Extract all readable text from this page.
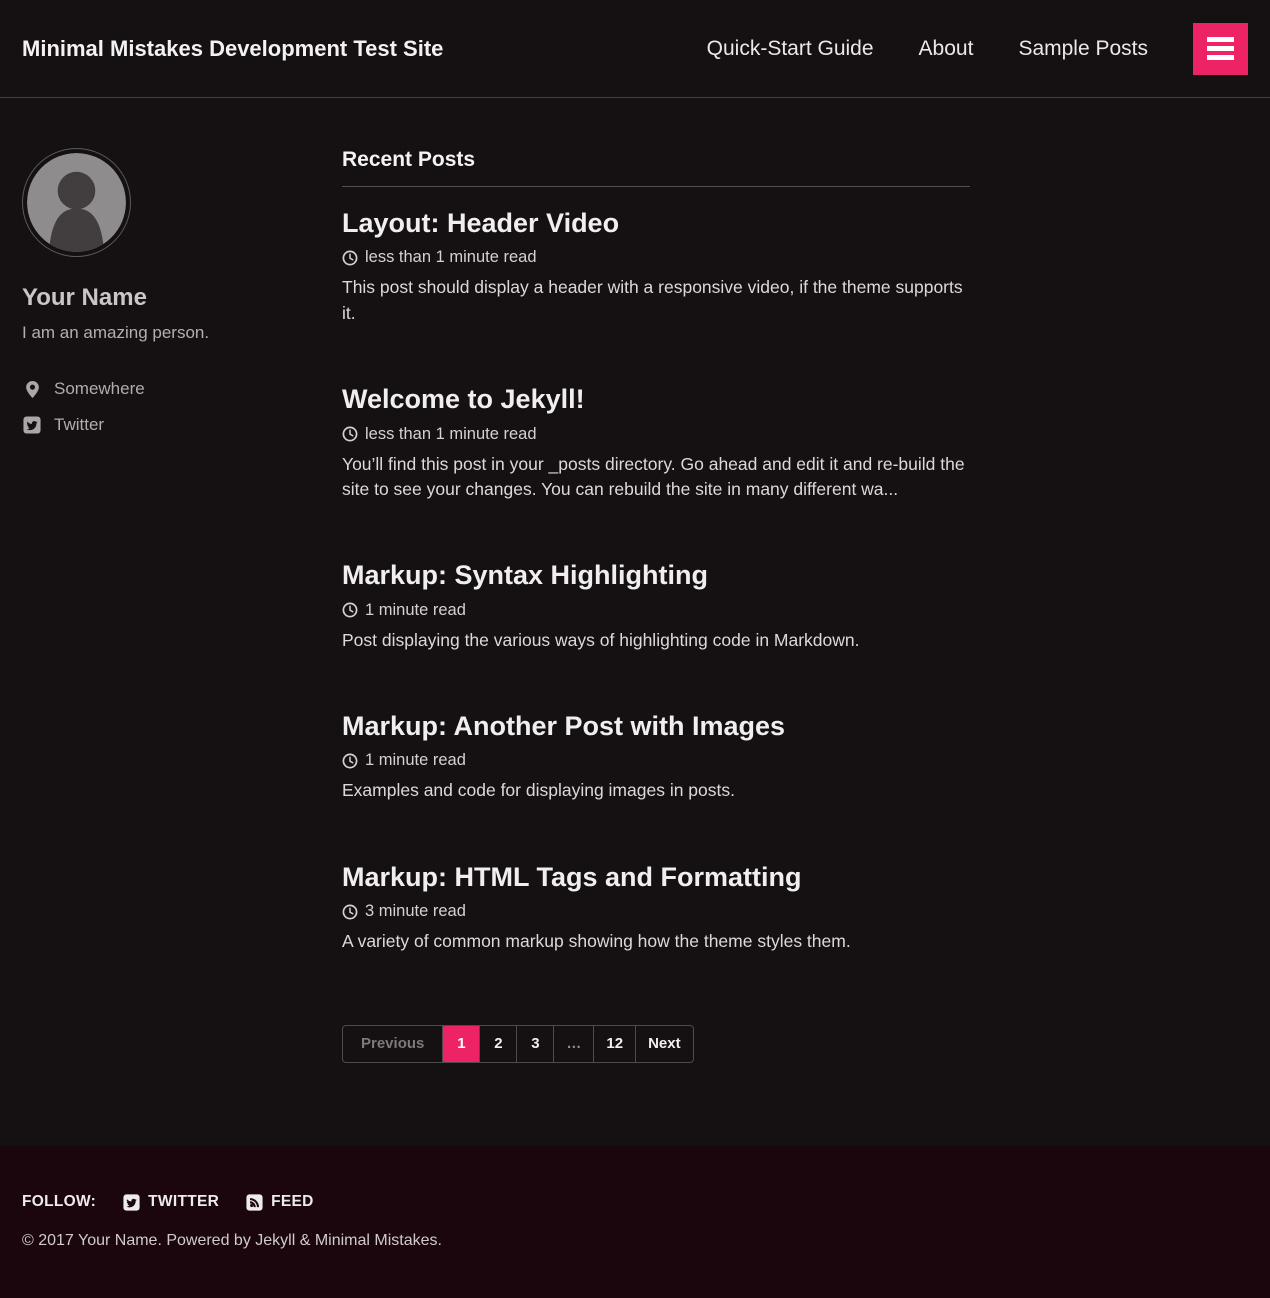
Minimal Mistakes Development Test Site	Quick-Start Guide About Sample Posts
Your Name

I am an amazing person.

Somewhere
Twitter
Recent Posts
Layout: Header Video

less than 1 minute read

This post should display a header with a responsive video, if the theme supports it.

Welcome to Jekyll!

less than 1 minute read

You’ll find this post in your _posts directory. Go ahead and edit it and re-build the site to see your changes. You can rebuild the site in many different wa...

Markup: Syntax Highlighting

1 minute read

Post displaying the various ways of highlighting code in Markdown.

Markup: Another Post with Images

1 minute read

Examples and code for displaying images in posts.

Markup: HTML Tags and Formatting

3 minute read

A variety of common markup showing how the theme styles them.

Previous	1	2	3	…	12	Next
FOLLOW:	TWITTER	FEED

© 2017 Your Name. Powered by Jekyll & Minimal Mistakes.
